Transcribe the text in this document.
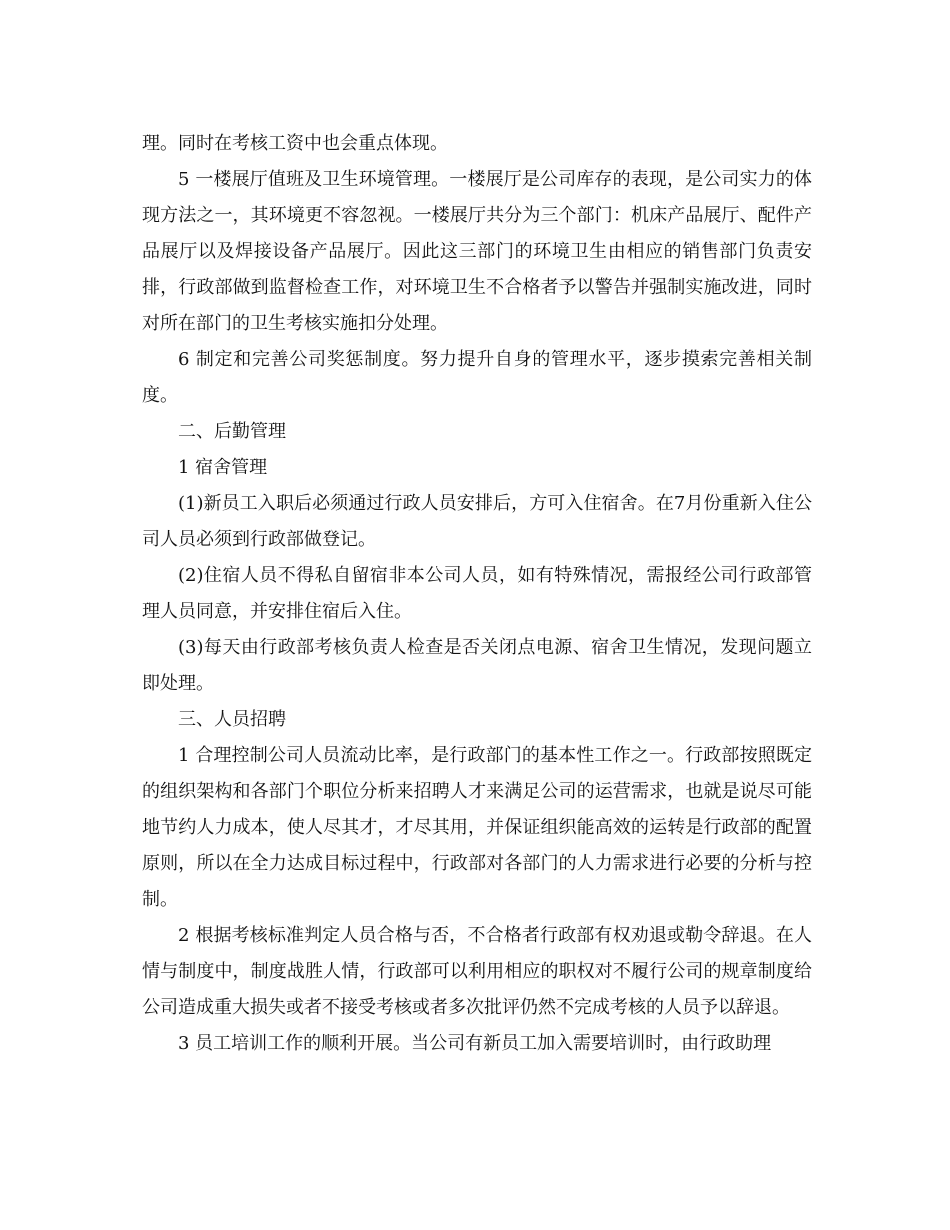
理。同时在考核工资中也会重点体现。

5 一楼展厅值班及卫生环境管理。一楼展厅是公司库存的表现，是公司实力的体现方法之一，其环境更不容忽视。一楼展厅共分为三个部门：机床产品展厅、配件产品展厅以及焊接设备产品展厅。因此这三部门的环境卫生由相应的销售部门负责安排，行政部做到监督检查工作，对环境卫生不合格者予以警告并强制实施改进，同时对所在部门的卫生考核实施扣分处理。

6 制定和完善公司奖惩制度。努力提升自身的管理水平，逐步摸索完善相关制度。

二、后勤管理

1 宿舍管理

(1)新员工入职后必须通过行政人员安排后，方可入住宿舍。在7月份重新入住公司人员必须到行政部做登记。

(2)住宿人员不得私自留宿非本公司人员，如有特殊情况，需报经公司行政部管理人员同意，并安排住宿后入住。

(3)每天由行政部考核负责人检查是否关闭点电源、宿舍卫生情况，发现问题立即处理。

三、人员招聘

1 合理控制公司人员流动比率，是行政部门的基本性工作之一。行政部按照既定的组织架构和各部门个职位分析来招聘人才来满足公司的运营需求，也就是说尽可能地节约人力成本，使人尽其才，才尽其用，并保证组织能高效的运转是行政部的配置原则，所以在全力达成目标过程中，行政部对各部门的人力需求进行必要的分析与控制。

2 根据考核标准判定人员合格与否，不合格者行政部有权劝退或勒令辞退。在人情与制度中，制度战胜人情，行政部可以利用相应的职权对不履行公司的规章制度给公司造成重大损失或者不接受考核或者多次批评仍然不完成考核的人员予以辞退。

3 员工培训工作的顺利开展。当公司有新员工加入需要培训时，由行政助理
